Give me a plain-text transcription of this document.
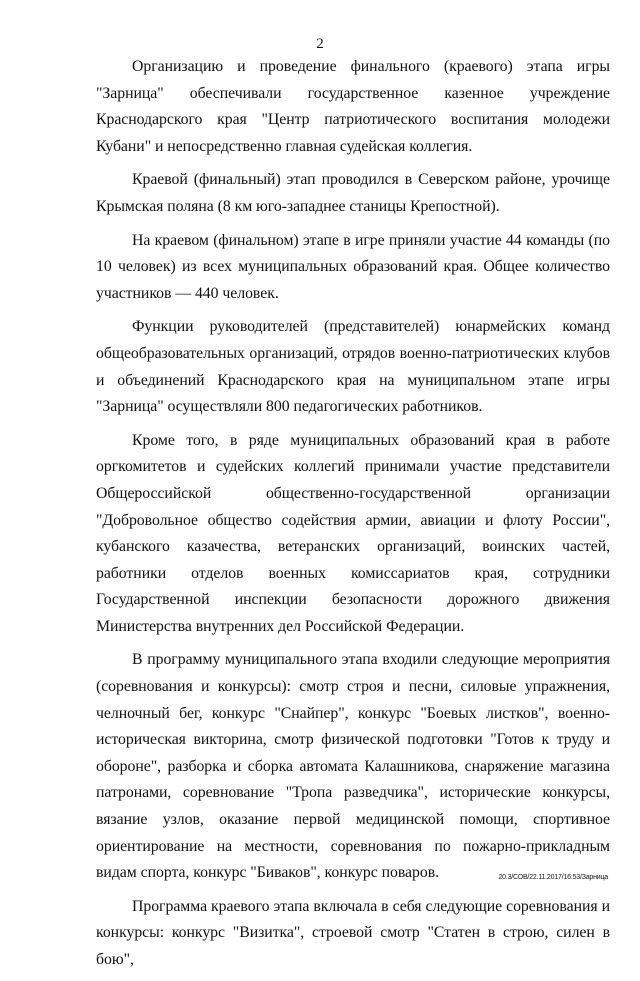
2

Организацию и проведение финального (краевого) этапа игры "Зарница" обеспечивали государственное казенное учреждение Краснодарского края "Центр патриотического воспитания молодежи Кубани" и непосредственно главная судейская коллегия.

Краевой (финальный) этап проводился в Северском районе, урочище Крымская поляна (8 км юго-западнее станицы Крепостной).

На краевом (финальном) этапе в игре приняли участие 44 команды (по 10 человек) из всех муниципальных образований края. Общее количество участников — 440 человек.

Функции руководителей (представителей) юнармейских команд общеобразовательных организаций, отрядов военно-патриотических клубов и объединений Краснодарского края на муниципальном этапе игры "Зарница" осуществляли 800 педагогических работников.

Кроме того, в ряде муниципальных образований края в работе оргкомитетов и судейских коллегий принимали участие представители Общероссийской общественно-государственной организации "Добровольное общество содействия армии, авиации и флоту России", кубанского казачества, ветеранских организаций, воинских частей, работники отделов военных комиссариатов края, сотрудники Государственной инспекции безопасности дорожного движения Министерства внутренних дел Российской Федерации.

В программу муниципального этапа входили следующие мероприятия (соревнования и конкурсы): смотр строя и песни, силовые упражнения, челночный бег, конкурс "Снайпер", конкурс "Боевых листков", военно-историческая викторина, смотр физической подготовки "Готов к труду и обороне", разборка и сборка автомата Калашникова, снаряжение магазина патронами, соревнование "Тропа разведчика", исторические конкурсы, вязание узлов, оказание первой медицинской помощи, спортивное ориентирование на местности, соревнования по пожарно-прикладным видам спорта, конкурс "Биваков", конкурс поваров.

Программа краевого этапа включала в себя следующие соревнования и конкурсы: конкурс "Визитка", строевой смотр "Статен в строю, силен в бою",

20.3/СОВ/22.11.2017/16:53/Зарница
